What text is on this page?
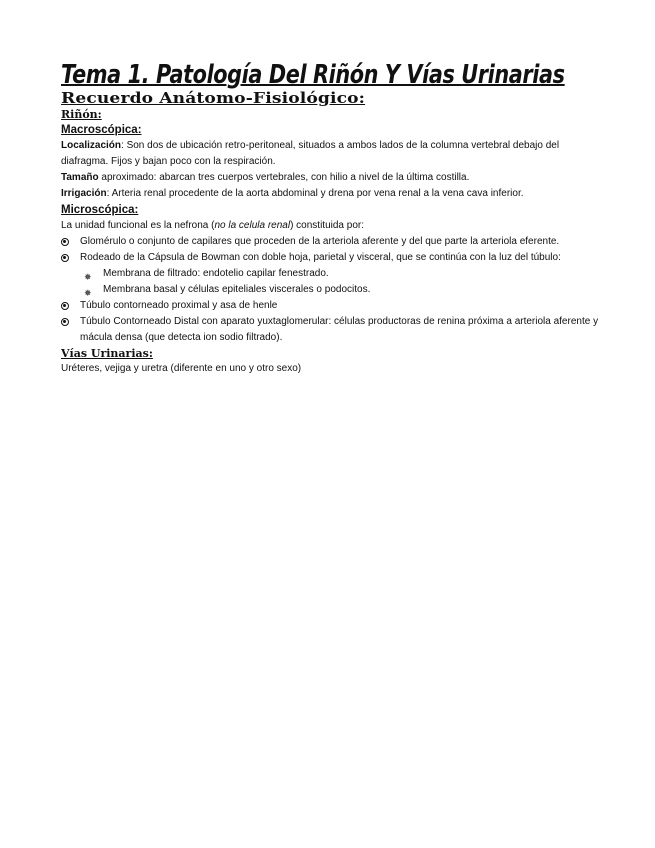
Tema 1. Patología Del Riñón Y Vías Urinarias
Recuerdo Anátomo-Fisiológico:
Riñón:
Macroscópica:
Localización: Son dos de ubicación retro-peritoneal, situados a ambos lados de la columna vertebral debajo del diafragma. Fijos y bajan poco con la respiración.
Tamaño aproximado: abarcan tres cuerpos vertebrales, con hilio a nivel de la última costilla.
Irrigación: Arteria renal procedente de la aorta abdominal y drena por vena renal a la vena cava inferior.
Microscópica:
La unidad funcional es la nefrona (no la celula renal) constituida por:
Glomérulo o conjunto de capilares que proceden de la arteriola aferente y del que parte la arteriola eferente.
Rodeado de la Cápsula de Bowman con doble hoja, parietal y visceral, que se continúa con la luz del túbulo:
✸ Membrana de filtrado: endotelio capilar fenestrado.
✸ Membrana basal y células epiteliales viscerales o podocitos.
Túbulo contorneado proximal y asa de henle
Túbulo Contorneado Distal con aparato yuxtaglomerular: células productoras de renina próxima a arteriola aferente y mácula densa (que detecta ion sodio filtrado).
Vías Urinarias:
Uréteres, vejiga y uretra (diferente en uno y otro sexo)
